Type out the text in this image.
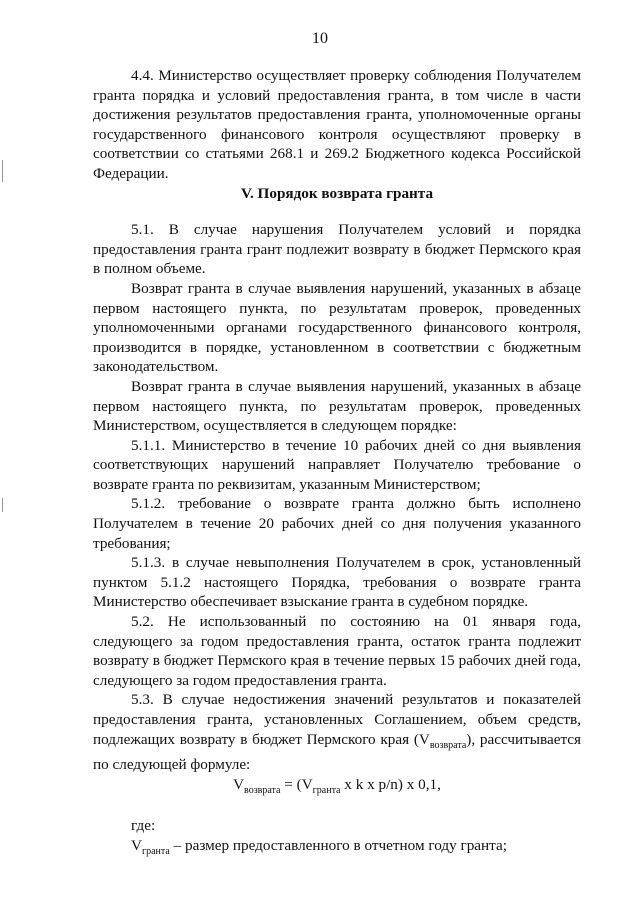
10

4.4. Министерство осуществляет проверку соблюдения Получателем гранта порядка и условий предоставления гранта, в том числе в части достижения результатов предоставления гранта, уполномоченные органы государственного финансового контроля осуществляют проверку в соответствии со статьями 268.1 и 269.2 Бюджетного кодекса Российской Федерации.

V. Порядок возврата гранта

5.1. В случае нарушения Получателем условий и порядка предоставления гранта грант подлежит возврату в бюджет Пермского края в полном объеме.

Возврат гранта в случае выявления нарушений, указанных в абзаце первом настоящего пункта, по результатам проверок, проведенных уполномоченными органами государственного финансового контроля, производится в порядке, установленном в соответствии с бюджетным законодательством.

Возврат гранта в случае выявления нарушений, указанных в абзаце первом настоящего пункта, по результатам проверок, проведенных Министерством, осуществляется в следующем порядке:

5.1.1. Министерство в течение 10 рабочих дней со дня выявления соответствующих нарушений направляет Получателю требование о возврате гранта по реквизитам, указанным Министерством;

5.1.2. требование о возврате гранта должно быть исполнено Получателем в течение 20 рабочих дней со дня получения указанного требования;

5.1.3. в случае невыполнения Получателем в срок, установленный пунктом 5.1.2 настоящего Порядка, требования о возврате гранта Министерство обеспечивает взыскание гранта в судебном порядке.

5.2. Не использованный по состоянию на 01 января года, следующего за годом предоставления гранта, остаток гранта подлежит возврату в бюджет Пермского края в течение первых 15 рабочих дней года, следующего за годом предоставления гранта.

5.3. В случае недостижения значений результатов и показателей предоставления гранта, установленных Соглашением, объем средств, подлежащих возврату в бюджет Пермского края $(V_{возврата})$, рассчитывается по следующей формуле:

$V_{возврата} = (V_{гранта}$ x k x p/n) x 0,1,

где:

$V_{гранта}$ – размер предоставленного в отчетном году гранта;
